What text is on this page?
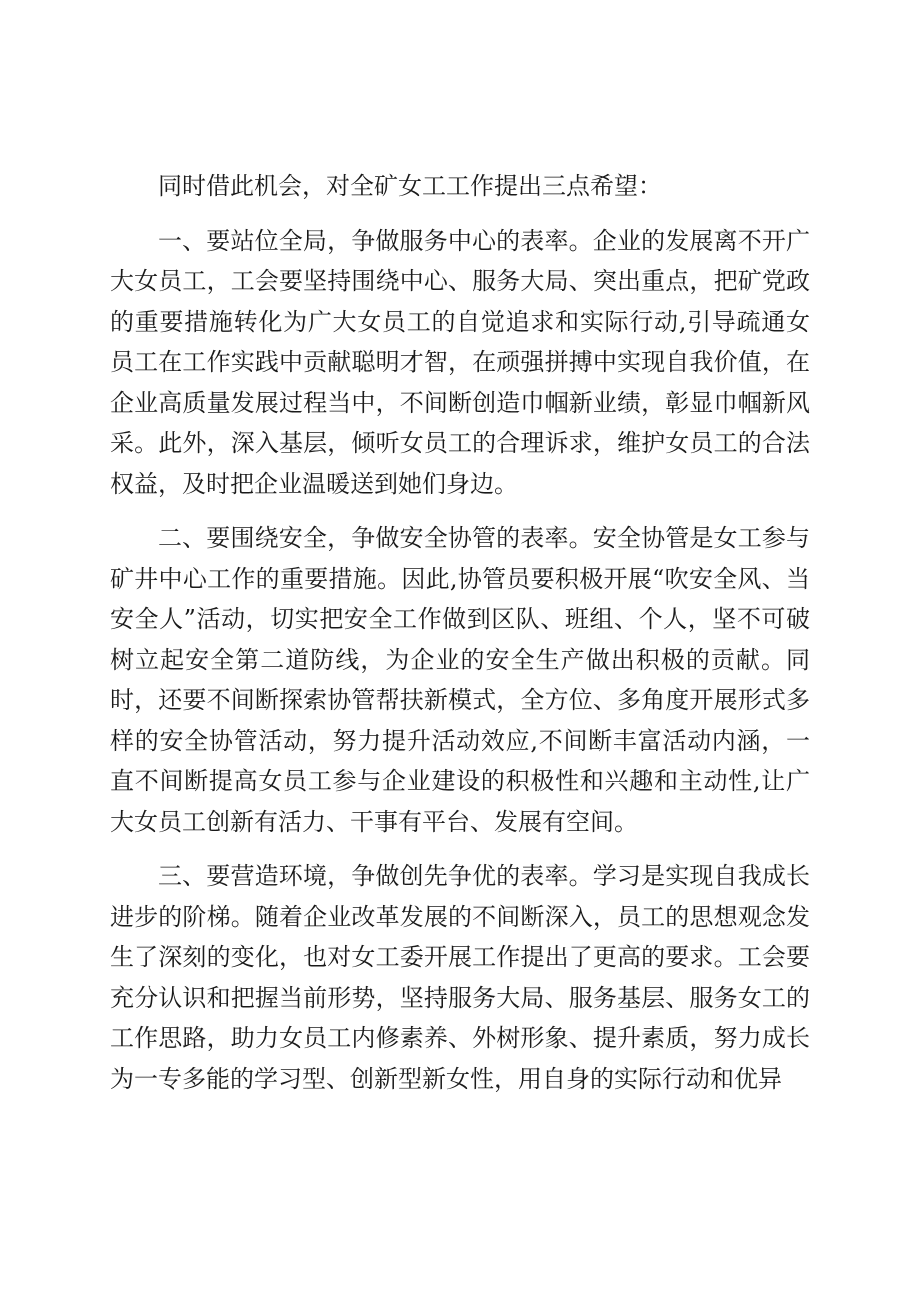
同时借此机会，对全矿女工工作提出三点希望：

一、要站位全局，争做服务中心的表率。企业的发展离不开广大女员工，工会要坚持围绕中心、服务大局、突出重点，把矿党政的重要措施转化为广大女员工的自觉追求和实际行动,引导疏通女员工在工作实践中贡献聪明才智，在顽强拼搏中实现自我价值，在企业高质量发展过程当中，不间断创造巾帼新业绩，彰显巾帼新风采。此外，深入基层，倾听女员工的合理诉求，维护女员工的合法权益，及时把企业温暖送到她们身边。

二、要围绕安全，争做安全协管的表率。安全协管是女工参与矿井中心工作的重要措施。因此,协管员要积极开展“吹安全风、当安全人”活动，切实把安全工作做到区队、班组、个人，坚不可破树立起安全第二道防线，为企业的安全生产做出积极的贡献。同时，还要不间断探索协管帮扶新模式，全方位、多角度开展形式多样的安全协管活动，努力提升活动效应,不间断丰富活动内涵，一直不间断提高女员工参与企业建设的积极性和兴趣和主动性,让广大女员工创新有活力、干事有平台、发展有空间。

三、要营造环境，争做创先争优的表率。学习是实现自我成长进步的阶梯。随着企业改革发展的不间断深入，员工的思想观念发生了深刻的变化，也对女工委开展工作提出了更高的要求。工会要充分认识和把握当前形势，坚持服务大局、服务基层、服务女工的工作思路，助力女员工内修素养、外树形象、提升素质，努力成长为一专多能的学习型、创新型新女性，用自身的实际行动和优异
